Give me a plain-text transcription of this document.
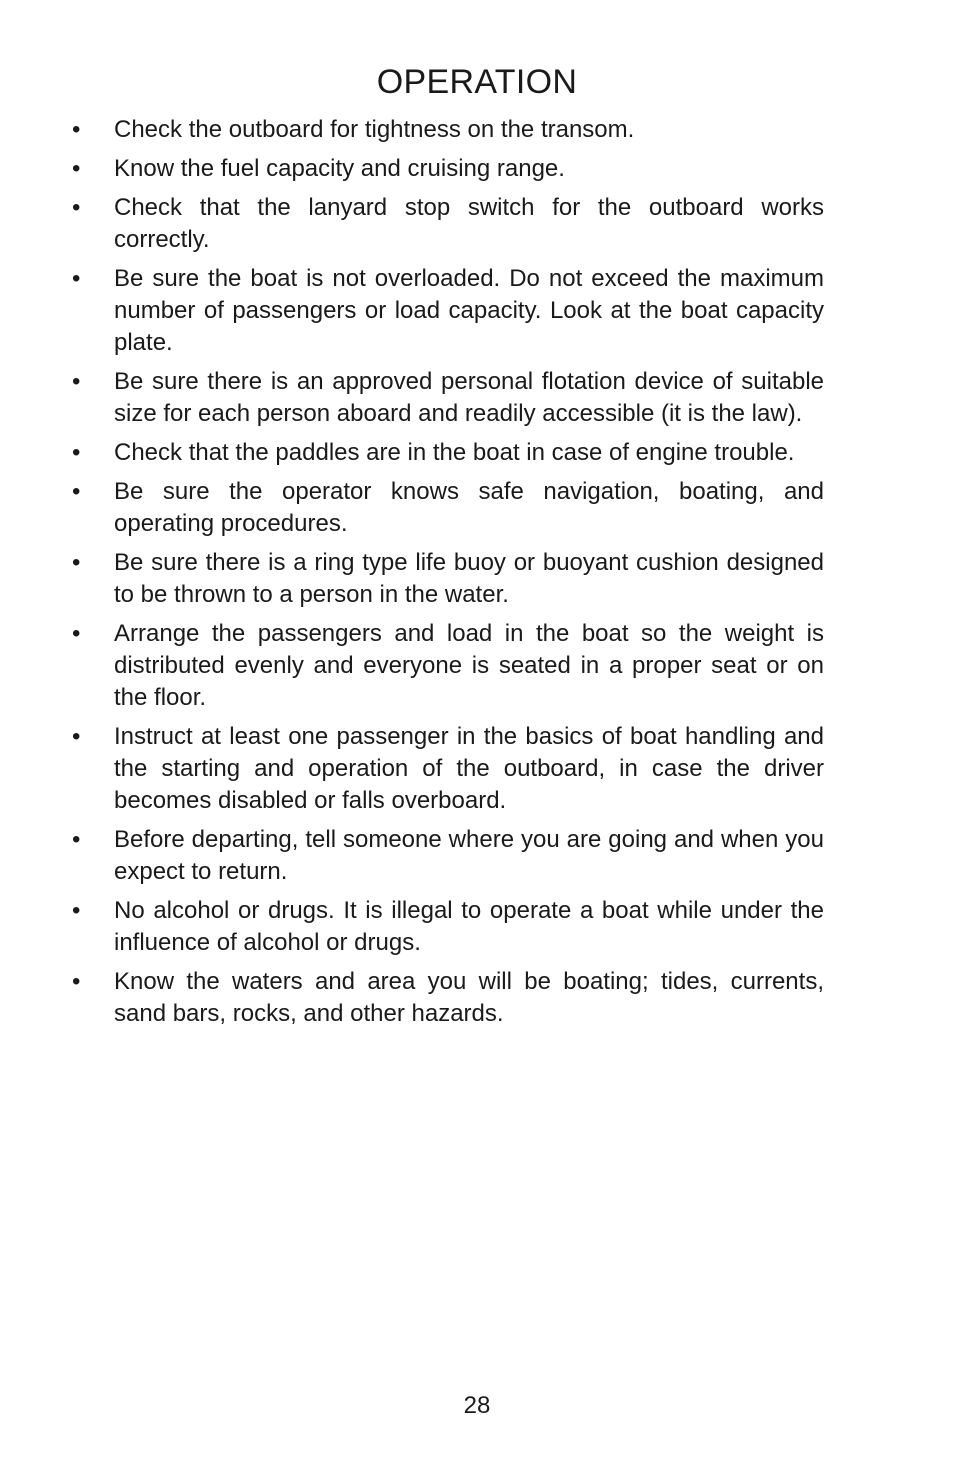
OPERATION
•	Check the outboard for tightness on the transom.
•	Know the fuel capacity and cruising range.
•	Check that the lanyard stop switch for the outboard works correctly.
•	Be sure the boat is not overloaded. Do not exceed the maximum number of passengers or load capacity. Look at the boat capacity plate.
•	Be sure there is an approved personal flotation device of suitable size for each person aboard and readily accessible (it is the law).
•	Check that the paddles are in the boat in case of engine trouble.
•	Be sure the operator knows safe navigation, boating, and operating procedures.
•	Be sure there is a ring type life buoy or buoyant cushion designed to be thrown to a person in the water.
•	Arrange the passengers and load in the boat so the weight is distributed evenly and everyone is seated in a proper seat or on the floor.
•	Instruct at least one passenger in the basics of boat handling and the starting and operation of the outboard, in case the driver becomes disabled or falls overboard.
•	Before departing, tell someone where you are going and when you expect to return.
•	No alcohol or drugs. It is illegal to operate a boat while under the influence of alcohol or drugs.
•	Know the waters and area you will be boating; tides, currents, sand bars, rocks, and other hazards.
28
